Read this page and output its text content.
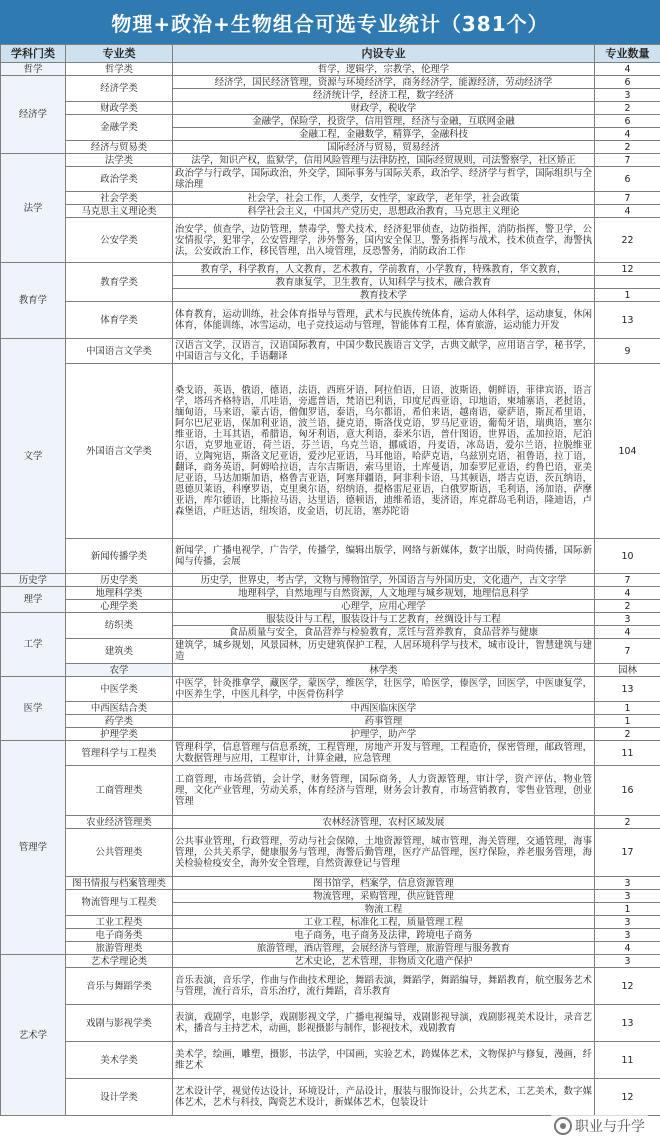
物理+政治+生物组合可选专业统计（381个）
学科门类	专业类	内设专业	专业数量	
哲学	哲学类	哲学，逻辑学，宗教学，伦理学	4	
经济学	经济学类	经济学，国民经济管理，资源与环境经济学，商务经济学，能源经济，劳动经济学	6	
		经济统计学，经济工程，数字经济	3	
	财政学类	财政学，税收学	2	
	金融学类	金融学，保险学，投资学，信用管理，经济与金融，互联网金融	6	
		金融工程，金融数学，精算学，金融科技	4	
	经济与贸易类	国际经济与贸易，贸易经济	2	
法学	法学类	法学，知识产权，监狱学，信用风险管理与法律防控，国际经贸规则，司法警察学，社区矫正	7	
	政治学类	政治学与行政学，国际政治，外交学，国际事务与国际关系，政治学、经济学与哲学，国际组织与全球治理	6	
	社会学类	社会学，社会工作，人类学，女性学，家政学，老年学，社会政策	7	
	马克思主义理论类	科学社会主义，中国共产党历史，思想政治教育，马克思主义理论	4	
	公安学类	治安学，侦查学，边防管理，禁毒学，警犬技术，经济犯罪侦查，边防指挥，消防指挥，警卫学，公安情报学，犯罪学，公安管理学，涉外警务，国内安全保卫，警务指挥与战术，技术侦查学，海警执法，公安政治工作，移民管理，出入境管理，反恐警务，消防政治工作	22	
教育学	教育学类	教育学，科学教育，人文教育，艺术教育，学前教育，小学教育，特殊教育，华文教育，	12	
		教育康复学，卫生教育，认知科学与技术，融合教育		
		教育技术学	1	
	体育学类	体育教育，运动训练，社会体育指导与管理，武术与民族传统体育，运动人体科学，运动康复，休闲体育，体能训练，冰雪运动，电子竞技运动与管理，智能体育工程，体育旅游，运动能力开发	13	
文学	中国语言文学类	汉语言文学，汉语言，汉语国际教育，中国少数民族语言文学，古典文献学，应用语言学，秘书学，中国语言与文化，手语翻译	9	
	外国语言文学类	桑戈语，英语，俄语，德语，法语，西班牙语，阿拉伯语，日语，波斯语，朝鲜语，菲律宾语，语言学，塔玛齐格特语，爪哇语，旁遮普语，梵语巴利语，印度尼西亚语，印地语，柬埔寨语，老挝语，缅甸语，马来语，蒙古语，僧伽罗语，泰语，乌尔都语，希伯来语，越南语，豪萨语，斯瓦希里语，阿尔巴尼亚语，保加利亚语，波兰语，捷克语，斯洛伐克语，罗马尼亚语，葡萄牙语，瑞典语，塞尔维亚语，土耳其语，希腊语，匈牙利语，意大利语，泰米尔语，普什图语，世界语，孟加拉语，尼泊尔语，克罗地亚语，荷兰语，芬兰语，乌克兰语，挪威语，丹麦语，冰岛语，爱尔兰语，拉脱维亚语，立陶宛语，斯洛文尼亚语，爱沙尼亚语，马耳他语，哈萨克语，乌兹别克语，祖鲁语，拉丁语，翻译，商务英语，阿姆哈拉语，吉尔吉斯语，索马里语，土库曼语，加泰罗尼亚语，约鲁巴语，亚美尼亚语，马达加斯加语，格鲁吉亚语，阿塞拜疆语，阿非利卡语，马其顿语，塔吉克语，茨瓦纳语，恩德贝莱语，科摩罗语，克里奥尔语，绍纳语，提格雷尼亚语，白俄罗斯语，毛利语，汤加语，萨摩亚语，库尔德语，比斯拉马语，达里语，德顿语，迪维希语，斐济语，库克群岛毛利语，隆迪语，卢森堡语，卢旺达语，纽埃语，皮金语，切瓦语，塞苏陀语	104	
	新闻传播学类	新闻学，广播电视学，广告学，传播学，编辑出版学，网络与新媒体，数字出版，时尚传播，国际新闻与传播，会展	10	
历史学	历史学类	历史学，世界史，考古学，文物与博物馆学，外国语言与外国历史，文化遗产，古文字学	7	
理学	地理科学类	地理科学，自然地理与自然资源，人文地理与城乡规划，地理信息科学	4	
	心理学类	心理学，应用心理学	2	
工学	纺织类	服装设计与工程，服装设计与工艺教育，丝绸设计与工程	3	
		食品质量与安全，食品营养与检验教育，烹饪与营养教育，食品营养与健康	4	
	建筑类	建筑学，城乡规划，风景园林，历史建筑保护工程，人居环境科学与技术，城市设计，智慧建筑与建造	7	
	农学	林学类	园林	
医学	中医学类	中医学，针灸推拿学，藏医学，蒙医学，维医学，壮医学，哈医学，傣医学，回医学，中医康复学，中医养生学，中医儿科学，中医骨伤科学	13	
	中西医结合类	中西医临床医学	1	
	药学类	药事管理	1	
	护理学类	护理学，助产学	2	
管理学	管理科学与工程类	管理科学，信息管理与信息系统，工程管理，房地产开发与管理，工程造价，保密管理，邮政管理，大数据管理与应用，工程审计，计算金融，应急管理	11	
	工商管理类	工商管理，市场营销，会计学，财务管理，国际商务，人力资源管理，审计学，资产评估，物业管理，文化产业管理，劳动关系，体育经济与管理，财务会计教育，市场营销教育，零售业管理，创业管理	16	
	农业经济管理类	农林经济管理，农村区域发展	2	
	公共管理类	公共事业管理，行政管理，劳动与社会保障，土地资源管理，城市管理，海关管理，交通管理，海事管理，公共关系学，健康服务与管理，海警后勤管理，医疗产品管理，医疗保险，养老服务管理，海关检验检疫安全，海外安全管理，自然资源登记与管理	17	
	图书情报与档案管理类	图书馆学，档案学，信息资源管理	3	
	物流管理与工程类	物流管理，采购管理，供应链管理	3	
		物流工程	1	
	工业工程类	工业工程，标准化工程，质量管理工程	3	
	电子商务类	电子商务，电子商务及法律，跨境电子商务	3	
	旅游管理类	旅游管理，酒店管理，会展经济与管理，旅游管理与服务教育	4	
艺术学	艺术学理论类	艺术史论，艺术管理，非物质文化遗产保护	3	
	音乐与舞蹈学类	音乐表演，音乐学，作曲与作曲技术理论，舞蹈表演，舞蹈学，舞蹈编导，舞蹈教育，航空服务艺术与管理，流行音乐，音乐治疗，流行舞蹈，音乐教育	12	
	戏剧与影视学类	表演，戏剧学，电影学，戏剧影视文学，广播电视编导，戏剧影视导演，戏剧影视美术设计，录音艺术，播音与主持艺术，动画，影视摄影与制作，影视技术，戏剧教育	13	
	美术学类	美术学，绘画，雕塑，摄影，书法学，中国画，实验艺术，跨媒体艺术，文物保护与修复，漫画，纤维艺术	11	
	设计学类	艺术设计学，视觉传达设计，环境设计，产品设计，服装与服饰设计，公共艺术，工艺美术，数字媒体艺术，艺术与科技，陶瓷艺术设计，新媒体艺术，包装设计	12	
职业与升学
